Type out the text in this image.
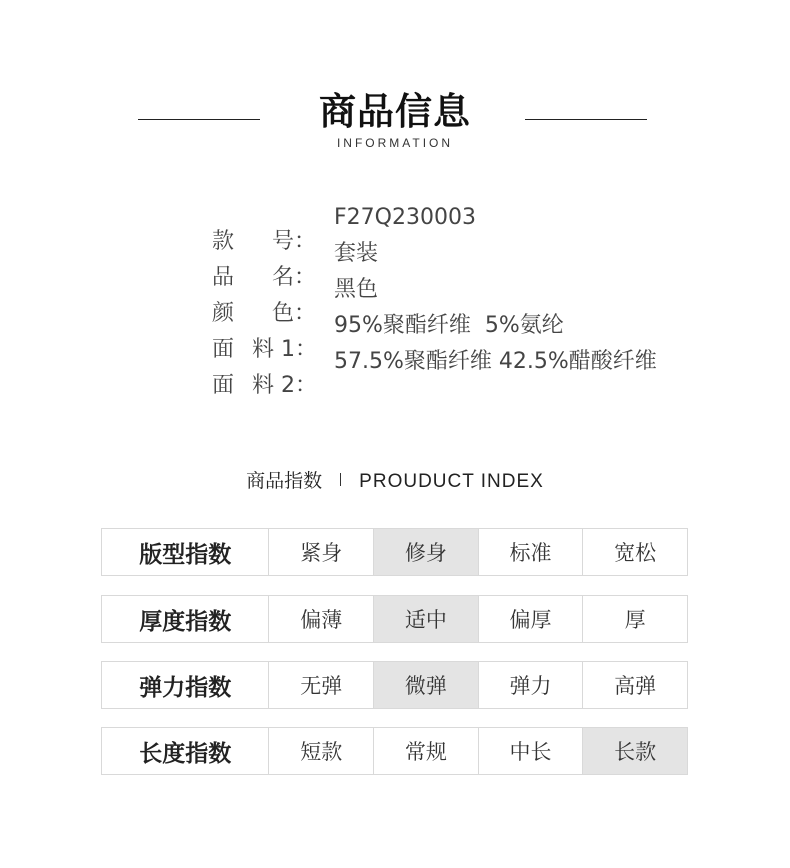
商品信息
INFORMATION
款 号：
F27Q230003
品 名：
套装
颜 色：
黑色
面 料 1：
95%聚酯纤维  5%氨纶
面 料 2：
57.5%聚酯纤维 42.5%醋酸纤维
商品指数 PROUDUCT INDEX
版型指数	紧身	修身	标准	宽松
厚度指数	偏薄	适中	偏厚	厚
弹力指数	无弹	微弹	弹力	高弹
长度指数	短款	常规	中长	长款
